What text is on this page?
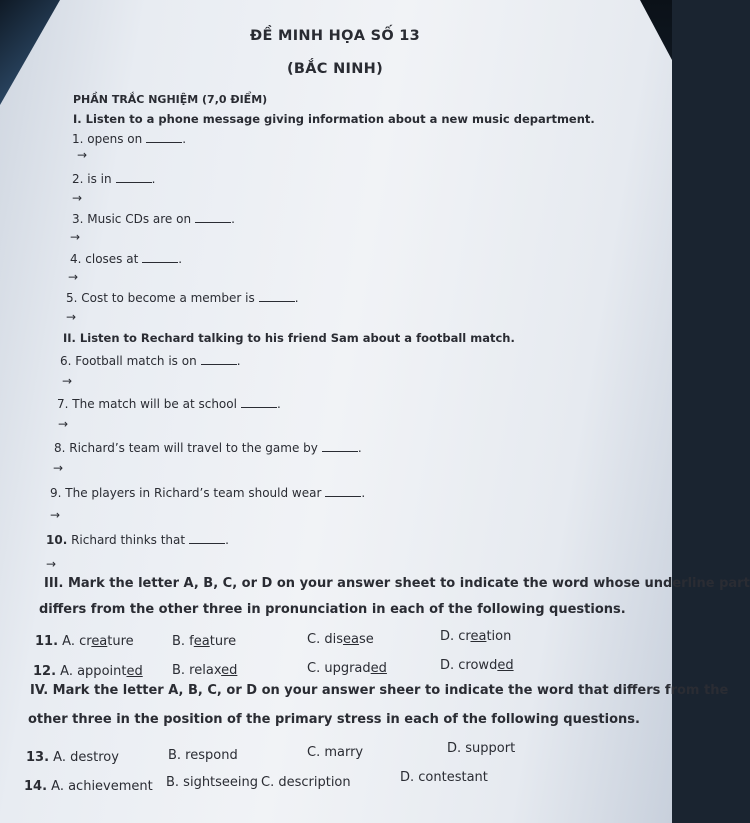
ĐỀ MINH HỌA SỐ 13
(BẮC NINH)
PHẦN TRẮC NGHIỆM (7,0 ĐIỂM)
I. Listen to a phone message giving information about a new music department.
1. opens on	.
→
2. is in	.
→
3. Music CDs are on	.
→
4. closes at	.
→
5. Cost to become a member is	.
→
II. Listen to Rechard talking to his friend Sam about a football match.
6. Football match is on	.
→
7. The match will be at school	.
→
8. Richard’s team will travel to the game by	.
→
9. The players in Richard’s team should wear	.
→
10. Richard thinks that	.
→
III. Mark the letter A, B, C, or D on your answer sheet to indicate the word whose underline part
differs from the other three in pronunciation in each of the following questions.
11. A. creature	B. feature	C. disease	D. creation
12. A. appointed B. relaxed	C. upgraded	D. crowded
IV. Mark the letter A, B, C, or D on your answer sheer to indicate the word that differs from the
other three in the position of the primary stress in each of the following questions.
13. A. destroy	B. respond	C. marry	D. support
14. A. achievement B. sightseeing C. description	D. contestant
